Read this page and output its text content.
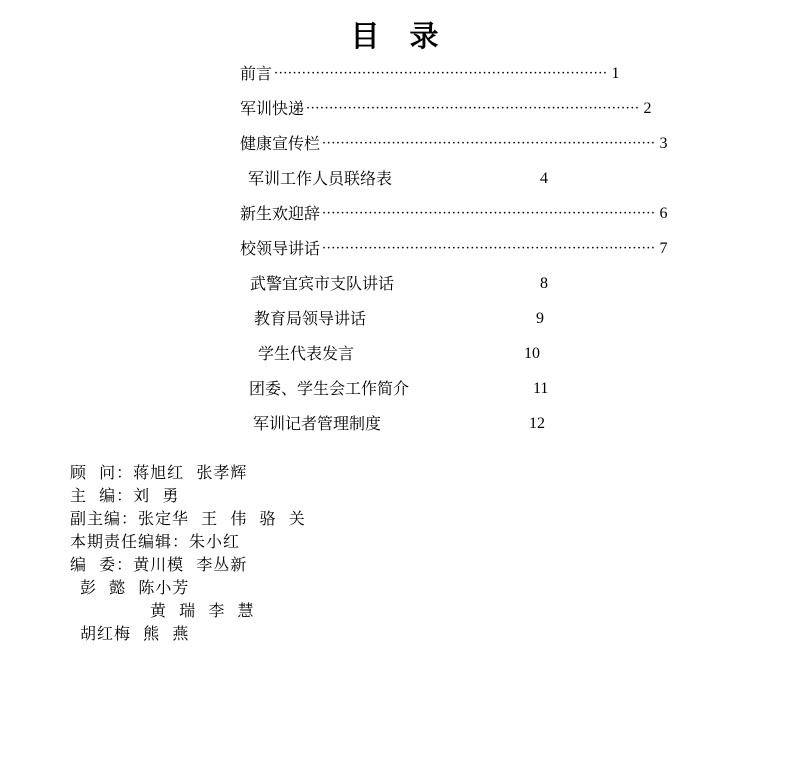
目 录
前言 ········································································ 1
军训快递 ········································································ 2
健康宣传栏 ········································································ 3
军训工作人员联络表	4
新生欢迎辞 ········································································ 6
校领导讲话 ········································································ 7
武警宜宾市支队讲话	8
教育局领导讲话	9
学生代表发言	10
团委、学生会工作简介	11
军训记者管理制度	12
顾  问：蒋旭红  张孝辉
主  编：刘  勇
副主编：张定华  王  伟  骆  关
本期责任编辑：朱小红
编  委：黄川模  李丛新
彭  懿  陈小芳
黄  瑞  李  慧
胡红梅  熊  燕
